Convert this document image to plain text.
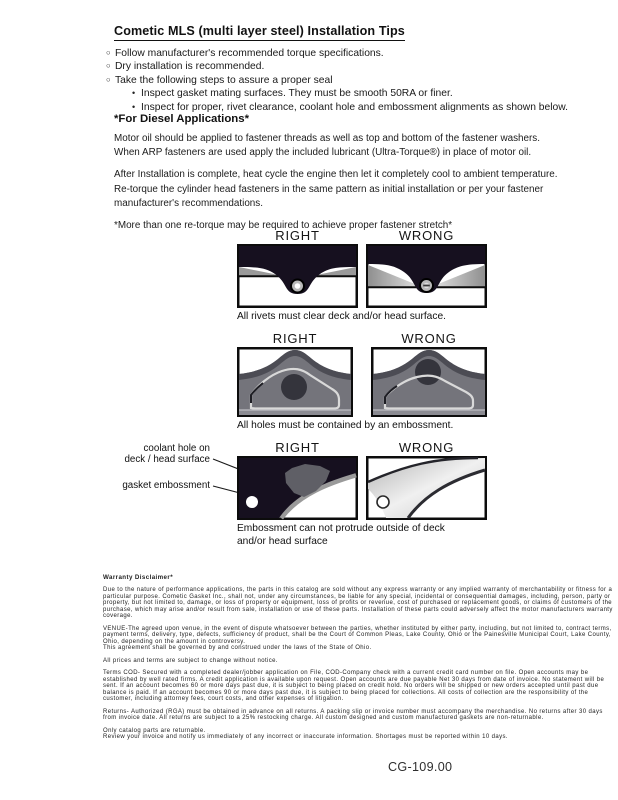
Cometic MLS (multi layer steel) Installation Tips
○ Follow manufacturer's recommended torque specifications.
○ Dry installation is recommended.
○ Take the following steps to assure a proper seal
• Inspect gasket mating surfaces. They must be smooth 50RA or finer.
• Inspect for proper, rivet clearance, coolant hole and embossment alignments as shown below.
*For Diesel Applications*

Motor oil should be applied to fastener threads as well as top and bottom of the fastener washers. When ARP fasteners are used apply the included lubricant (Ultra-Torque®) in place of motor oil.

After Installation is complete, heat cycle the engine then let it completely cool to ambient temperature. Re-torque the cylinder head fasteners in the same pattern as initial installation or per your fastener manufacturer's recommendations.

*More than one re-torque may be required to achieve proper fastener stretch*

RIGHT	WRONG
All rivets must clear deck and/or head surface.
coolant hole on
deck / head surface
gasket embossment
RIGHT	WRONG
All holes must be contained by an embossment.
RIGHT	WRONG
Embossment can not protrude outside of deck and/or head surface
Warranty Disclaimer*

Due to the nature of performance applications, the parts in this catalog are sold without any express warranty or any implied warranty of merchantability or fitness for a particular purpose. Cometic Gasket Inc., shall not, under any circumstances, be liable for any special, incidental or consequential damages, including, person, party or property, but not limited to, damage, or loss of property or equipment, loss of profits or revenue, cost of purchased or replacement goods, or claims of customers of the purchase, which may arise and/or result from sale, installation or use of these parts. Installation of these parts could adversely affect the motor manufacturers warranty coverage.

VENUE-The agreed upon venue, in the event of dispute whatsoever between the parties, whether instituted by either party, including, but not limited to, contract terms, payment terms, delivery, type, defects, sufficiency of product, shall be the Court of Common Pleas, Lake County, Ohio or the Painesville Municipal Court, Lake County, Ohio, depending on the amount in controversy.

This agreement shall be governed by and construed under the laws of the State of Ohio.

All prices and terms are subject to change without notice.

Terms COD- Secured with a completed dealer/jobber application on File, COD-Company check with a current credit card number on file. Open accounts may be established by well rated firms. A credit application is available upon request. Open accounts are due payable Net 30 days from date of invoice. No statement will be sent. If an account becomes 60 or more days past due, it is subject to being placed on credit hold. No orders will be shipped or new orders accepted until past due balance is paid. If an account becomes 90 or more days past due, it is subject to being placed for collections. All costs of collection are the responsibility of the customer, including attorney fees, court costs, and other expenses of litigation.

Returns- Authorized (RGA) must be obtained in advance on all returns. A packing slip or invoice number must accompany the merchandise. No returns after 30 days from invoice date. All returns are subject to a 25% restocking charge. All custom designed and custom manufactured gaskets are non-returnable.

Only catalog parts are returnable.

Review your invoice and notify us immediately of any incorrect or inaccurate information. Shortages must be reported within 10 days.

CG-109.00
